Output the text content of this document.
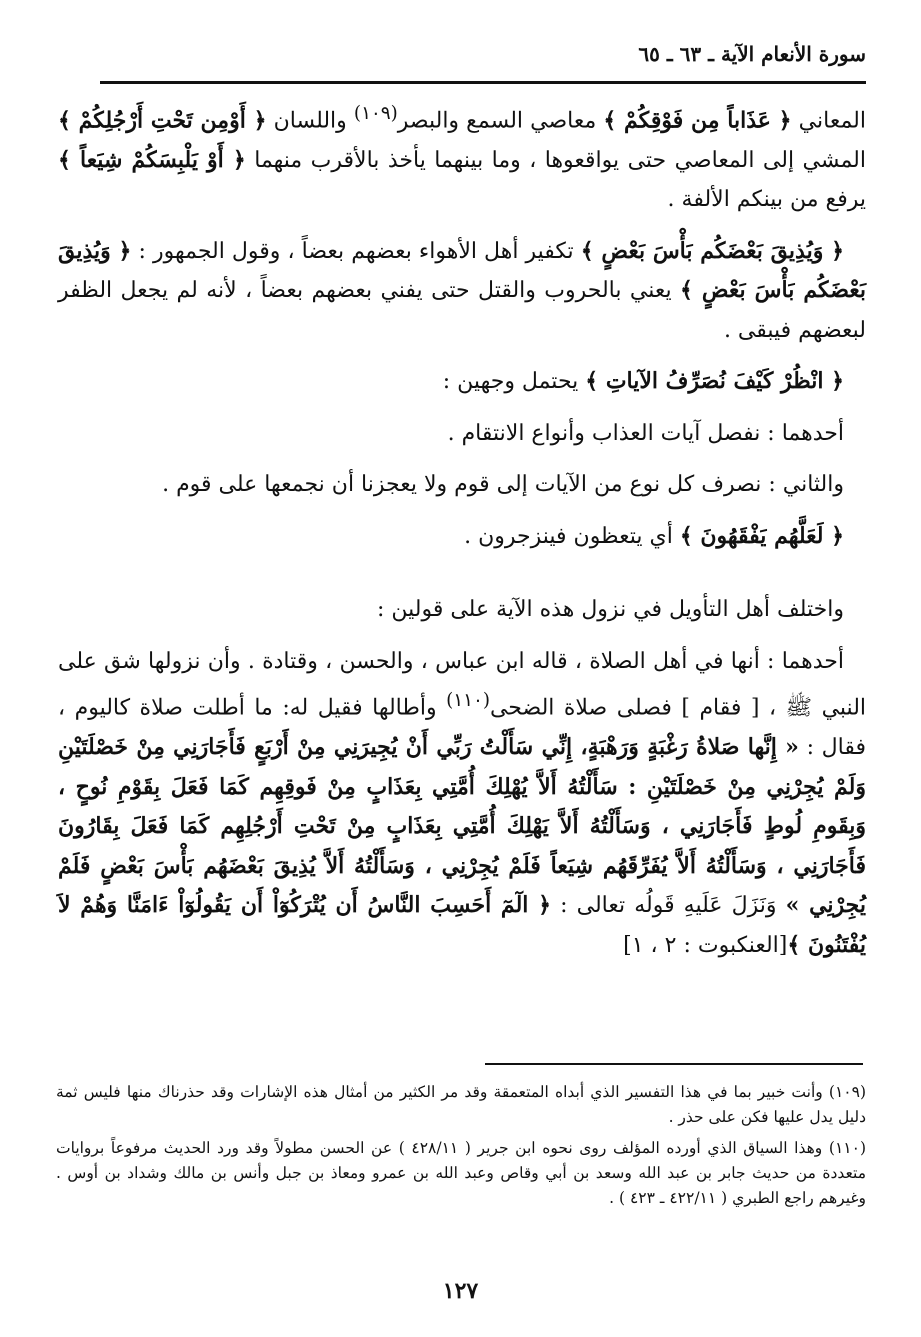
سورة الأنعام الآية ـ ٦٣ ـ ٦٥

المعاني ﴿ عَذَاباً مِن فَوْقِكُمْ ﴾ معاصي السمع والبصر$^{(١٠٩)}$ واللسان ﴿ أَوْمِن تَحْتِ أَرْجُلِكُمْ ﴾ المشي إلى المعاصي حتى يواقعوها ، وما بينهما يأخذ بالأقرب منهما ﴿ أَوْ يَلْبِسَكُمْ شِيَعاً ﴾ يرفع من بينكم الألفة .

﴿ وَيُذِيقَ بَعْضَكُم بَأْسَ بَعْضٍ ﴾ تكفير أهل الأهواء بعضهم بعضاً ، وقول الجمهور : ﴿ وَيُذِيقَ بَعْضَكُم بَأْسَ بَعْضٍ ﴾ يعني بالحروب والقتل حتى يفني بعضهم بعضاً ، لأنه لم يجعل الظفر لبعضهم فيبقى .

﴿ انْظُرْ كَيْفَ نُصَرِّفُ الآياتِ ﴾ يحتمل وجهين :

أحدهما : نفصل آيات العذاب وأنواع الانتقام .

والثاني : نصرف كل نوع من الآيات إلى قوم ولا يعجزنا أن نجمعها على قوم .

﴿ لَعَلَّهُم يَفْقَهُونَ ﴾ أي يتعظون فينزجرون .

واختلف أهل التأويل في نزول هذه الآية على قولين :

أحدهما : أنها في أهل الصلاة ، قاله ابن عباس ، والحسن ، وقتادة . وأن نزولها شق على النبي ﷺ ، [ فقام ] فصلى صلاة الضحى$^{(١١٠)}$ وأطالها فقيل له: ما أطلت صلاة كاليوم ، فقال : « إِنَّها صَلاةُ رَغْبَةٍ وَرَهْبَةٍ، إِنِّي سَأَلْتُ رَبِّي أَنْ يُجِيرَنِي مِنْ أَرْبَعٍ فَأَجَارَنِي مِنْ خَصْلَتَيْنِ وَلَمْ يُجِرْنِي مِنْ خَصْلَتَيْنِ : سَأَلْتُهُ أَلاَّ يُهْلِكَ أُمَّتِي بِعَذَابٍ مِنْ فَوقِهِم كَمَا فَعَلَ بِقَوْمِ نُوحٍ ، وَبِقَومِ لُوطٍ فَأَجَارَنِي ، وَسَأَلْتُهُ أَلاَّ يَهْلِكَ أُمَّتِي بِعَذَابٍ مِنْ تَحْتِ أَرْجُلِهِم كَمَا فَعَلَ بِقَارُونَ فَأَجَارَنِي ، وَسَأَلْتُهُ أَلاَّ يُفَرِّقَهُم شِيَعاً فَلَمْ يُجِرْنِي ، وَسَأَلْتُهُ أَلاَّ يُذِيقَ بَعْضَهُم بَأْسَ بَعْضٍ فَلَمْ يُجِرْنِي » وَنَزَلَ عَلَيهِ قَولُه تعالى : ﴿ الٓمٓ أَحَسِبَ النَّاسُ أَن يُتْرَكُوٓاْ أَن يَقُولُوٓاْ ءَامَنَّا وَهُمْ لاَ يُفْتَنُونَ ﴾[العنكبوت : ٢ ، ١]

(١٠٩) وأنت خبير بما في هذا التفسير الذي أبداه المتعمقة وقد مر الكثير من أمثال هذه الإشارات وقد حذرناك منها فليس ثمة دليل يدل عليها فكن على حذر .

(١١٠) وهذا السياق الذي أورده المؤلف روى نحوه ابن جرير ( ٤٢٨/١١ ) عن الحسن مطولاً وقد ورد الحديث مرفوعاً بروايات متعددة من حديث جابر بن عبد الله وسعد بن أبي وقاص وعبد الله بن عمرو ومعاذ بن جبل وأنس بن مالك وشداد بن أوس . وغيرهم راجع الطبري ( ٤٢٢/١١ ـ ٤٢٣ ) .

١٢٧
